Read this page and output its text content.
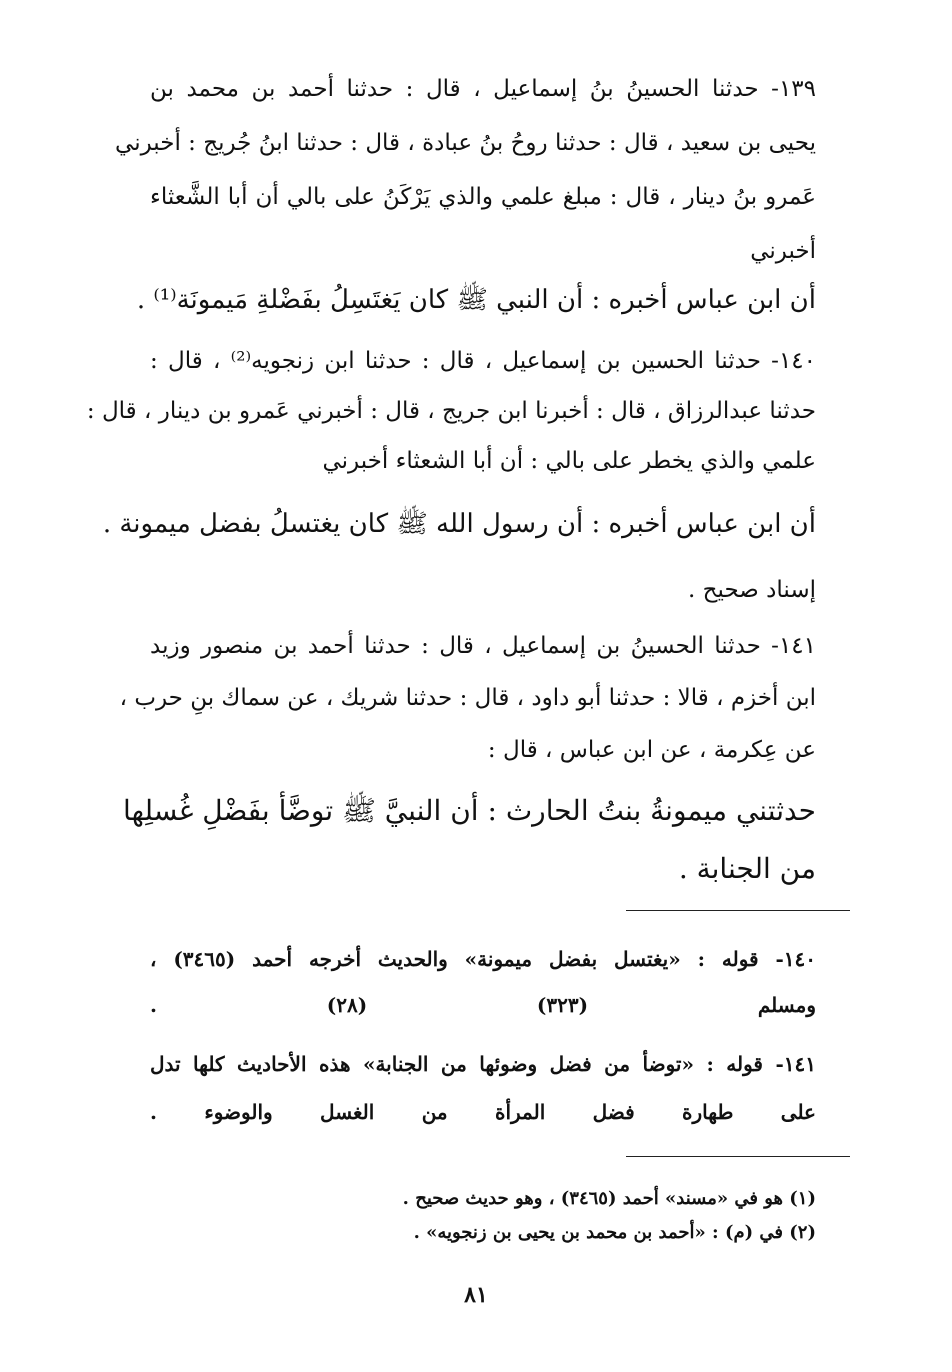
١٣٩- حدثنا الحسينُ بنُ إسماعيل ، قال : حدثنا أحمد بن محمد بن
يحيى بن سعيد ، قال : حدثنا روحُ بنُ عبادة ، قال : حدثنا ابنُ جُريج : أخبرني
عَمرو بنُ دينار ، قال : مبلغ علمي والذي يَرْكَنُ على بالي أن أبا الشَّعثاء
أخبرني
أن ابن عباس أخبره : أن النبي ﷺ كان يَغتَسِلُ بفَضْلةِ مَيمونَة⁽¹⁾ .
١٤٠- حدثنا الحسين بن إسماعيل ، قال : حدثنا ابن زنجويه⁽²⁾ ، قال :
حدثنا عبدالرزاق ، قال : أخبرنا ابن جريج ، قال : أخبرني عَمرو بن دينار ، قال :
علمي والذي يخطر على بالي : أن أبا الشعثاء أخبرني
أن ابن عباس أخبره : أن رسول الله ﷺ كان يغتسلُ بفضل ميمونة .
إسناد صحيح .
١٤١- حدثنا الحسينُ بن إسماعيل ، قال : حدثنا أحمد بن منصور وزيد
ابن أخزم ، قالا : حدثنا أبو داود ، قال : حدثنا شريك ، عن سماك بنِ حرب ،
عن عِكرمة ، عن ابن عباس ، قال :
حدثتني ميمونةُ بنتُ الحارث : أن النبيَّ ﷺ توضَّأ بفَضْلِ غُسلِها
من الجنابة .
١٤٠- قوله : «يغتسل بفضل ميمونة» والحديث أخرجه أحمد (٣٤٦٥) ،
ومسلم (٣٢٣) (٢٨) .
١٤١- قوله : «توضأ من فضل وضوئها من الجنابة» هذه الأحاديث كلها تدل
على طهارة فضل المرأة من الغسل والوضوء .
(١) هو في «مسند» أحمد (٣٤٦٥) ، وهو حديث صحيح .
(٢) في (م) : «أحمد بن محمد بن يحيى بن زنجويه» .
٨١
